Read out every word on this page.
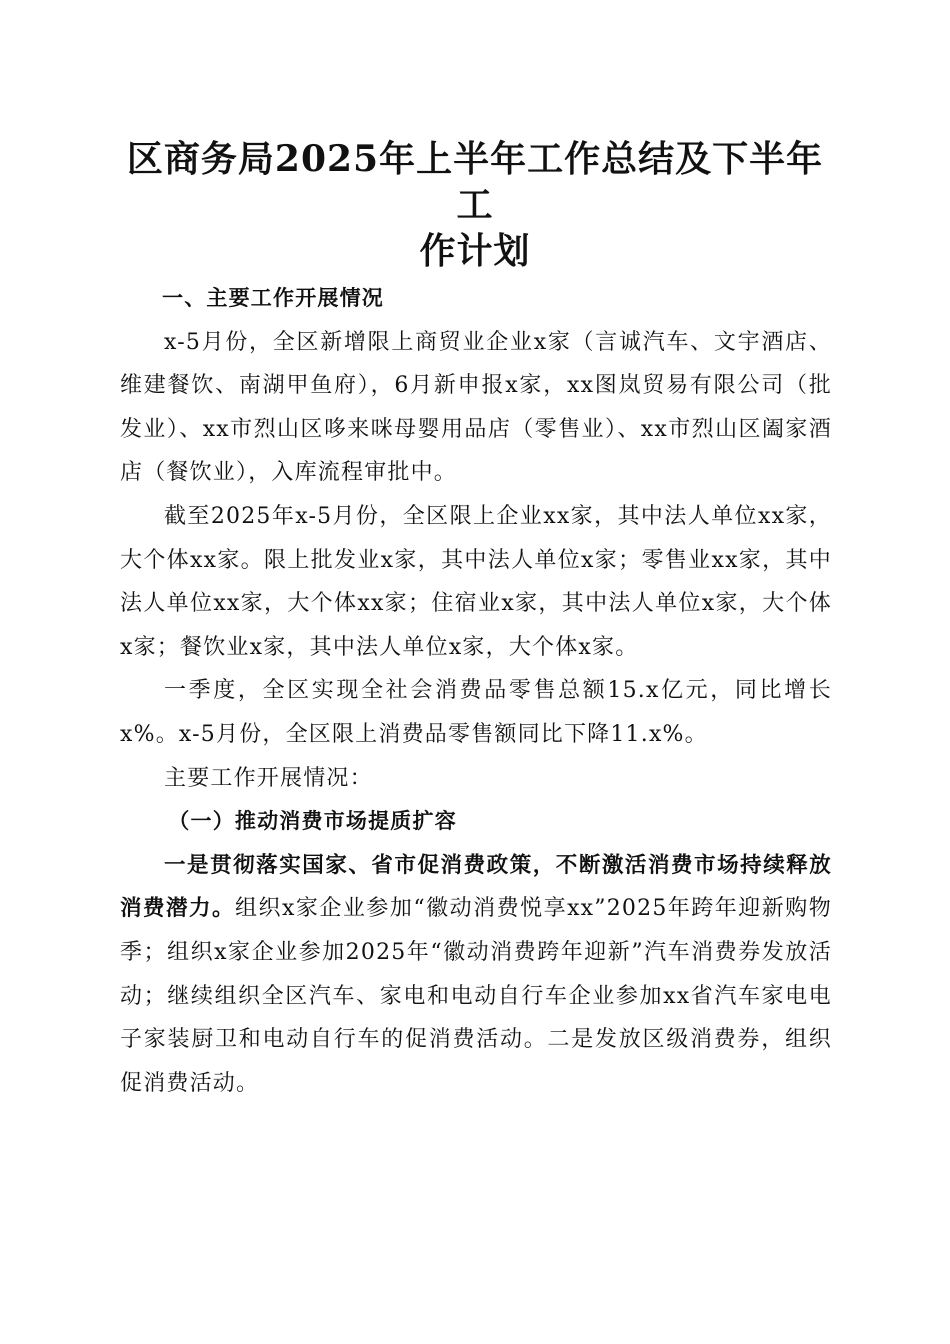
区商务局2025年上半年工作总结及下半年工
作计划

一、主要工作开展情况

x-5月份，全区新增限上商贸业企业x家（言诚汽车、文宇酒店、维建餐饮、南湖甲鱼府），6月新申报x家，xx图岚贸易有限公司（批发业）、xx市烈山区哆来咪母婴用品店（零售业）、xx市烈山区阖家酒店（餐饮业），入库流程审批中。

截至2025年x-5月份，全区限上企业xx家，其中法人单位xx家，大个体xx家。限上批发业x家，其中法人单位x家；零售业xx家，其中法人单位xx家，大个体xx家；住宿业x家，其中法人单位x家，大个体x家；餐饮业x家，其中法人单位x家，大个体x家。

一季度，全区实现全社会消费品零售总额15.x亿元，同比增长x%。x-5月份，全区限上消费品零售额同比下降11.x%。

主要工作开展情况：

（一）推动消费市场提质扩容

一是贯彻落实国家、省市促消费政策，不断激活消费市场持续释放消费潜力。组织x家企业参加“徽动消费悦享xx”2025年跨年迎新购物季；组织x家企业参加2025年“徽动消费跨年迎新”汽车消费券发放活动；继续组织全区汽车、家电和电动自行车企业参加xx省汽车家电电子家装厨卫和电动自行车的促消费活动。二是发放区级消费券，组织促消费活动。
